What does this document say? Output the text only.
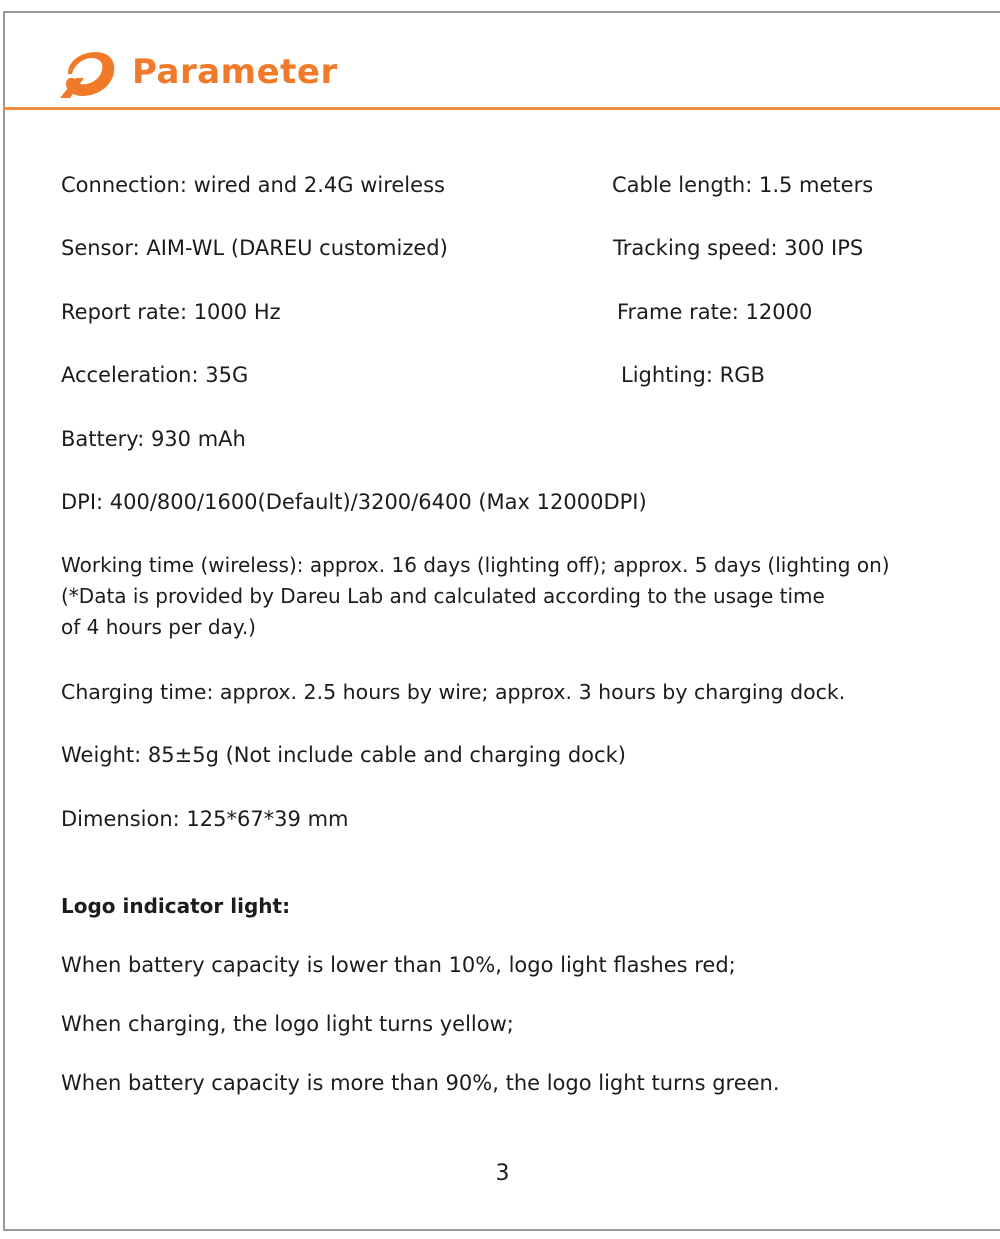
Parameter
Connection: wired and 2.4G wireless	Cable length: 1.5 meters
Sensor: AIM-WL (DAREU customized)	Tracking speed: 300 IPS
Report rate: 1000 Hz	Frame rate: 12000
Acceleration: 35G	Lighting: RGB
Battery: 930 mAh
DPI: 400/800/1600(Default)/3200/6400 (Max 12000DPI)
Working time (wireless): approx. 16 days (lighting off); approx. 5 days (lighting on)
(*Data is provided by Dareu Lab and calculated according to the usage time
of 4 hours per day.)
Charging time: approx. 2.5 hours by wire; approx. 3 hours by charging dock.
Weight: 85±5g (Not include cable and charging dock)
Dimension: 125*67*39 mm
Logo indicator light:
When battery capacity is lower than 10%, logo light flashes red;
When charging, the logo light turns yellow;
When battery capacity is more than 90%, the logo light turns green.
3
